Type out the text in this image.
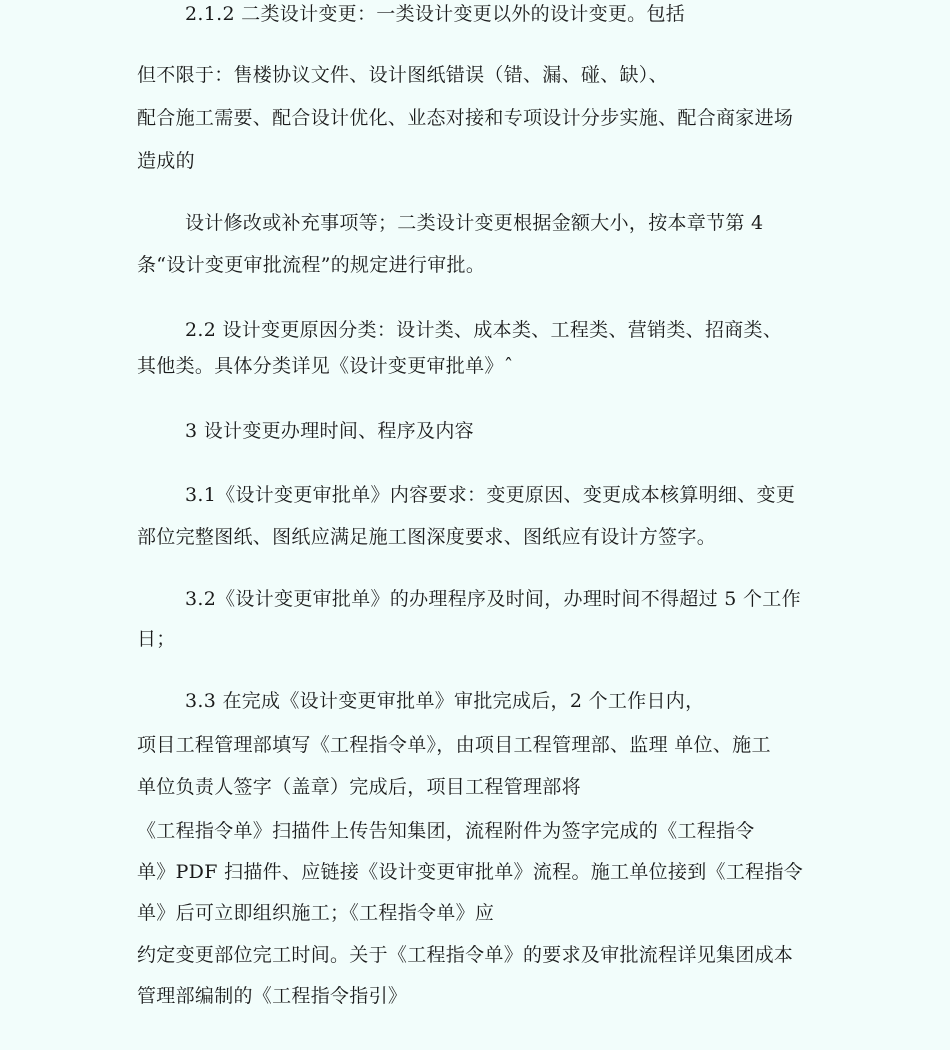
2.1.2 二类设计变更：一类设计变更以外的设计变更。包括
但不限于：售楼协议文件、设计图纸错误（错、漏、碰、缺）、
配合施工需要、配合设计优化、业态对接和专项设计分步实施、配合商家进场
造成的
设计修改或补充事项等；二类设计变更根据金额大小，按本章节第 4
条“设计变更审批流程”的规定进行审批。
2.2 设计变更原因分类：设计类、成本类、工程类、营销类、招商类、
其他类。具体分类详见《设计变更审批单》ˆ
3 设计变更办理时间、程序及内容
3.1《设计变更审批单》内容要求：变更原因、变更成本核算明细、变更
部位完整图纸、图纸应满足施工图深度要求、图纸应有设计方签字。
3.2《设计变更审批单》的办理程序及时间，办理时间不得超过 5 个工作
日；
3.3 在完成《设计变更审批单》审批完成后，2 个工作日内，
项目工程管理部填写《工程指令单》，由项目工程管理部、监理 单位、施工
单位负责人签字（盖章）完成后，项目工程管理部将
《工程指令单》扫描件上传告知集团，流程附件为签字完成的《工程指令
单》PDF 扫描件、应链接《设计变更审批单》流程。施工单位接到《工程指令
单》后可立即组织施工；《工程指令单》应
约定变更部位完工时间。关于《工程指令单》的要求及审批流程详见集团成本
管理部编制的《工程指令指引》
